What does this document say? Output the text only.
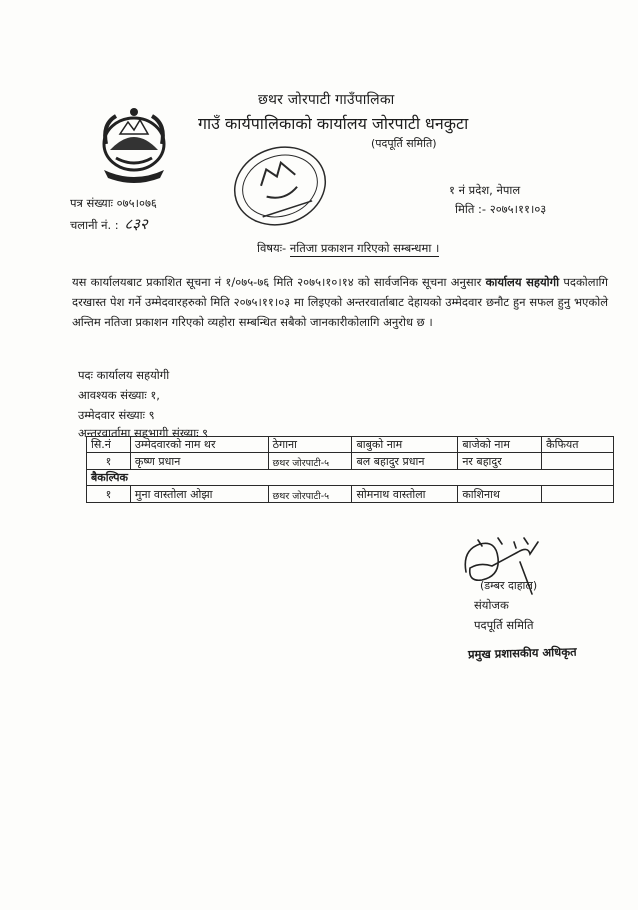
छथर जोरपाटी गाउँपालिका
गाउँ कार्यपालिकाको कार्यालय जोरपाटी धनकुटा
(पदपूर्ति समिति)
पत्र संख्याः ०७५।०७६
चलानी नं. : ८३२
१ नं प्रदेश, नेपाल
मिति :- २०७५।११।०३
विषयः- नतिजा प्रकाशन गरिएको सम्बन्धमा ।
यस कार्यालयबाट प्रकाशित सूचना नं १/०७५-७६ मिति २०७५।१०।१४ को सार्वजनिक सूचना अनुसार कार्यालय सहयोगी पदकोलागि दरखास्त पेश गर्ने उम्मेदवारहरुको मिति २०७५।११।०३ मा लिइएको अन्तरवार्ताबाट देहायको उम्मेदवार छनौट हुन सफल हुनु भएकोले अन्तिम नतिजा प्रकाशन गरिएको व्यहोरा सम्बन्धित सबैको जानकारीकोलागि अनुरोध छ ।
पदः कार्यालय सहयोगी
आवश्यक संख्याः १,
उम्मेदवार संख्याः ९
अन्तरवार्तामा सहभागी संख्याः ९
सि.नं	उम्मेदवारको नाम थर	ठेगाना	बाबुको नाम	बाजेको नाम	कैफियत
१	कृष्ण प्रधान	छथर जोरपाटी-५	बल बहादुर प्रधान	नर बहादुर	
बैकल्पिक					
१	मुना वास्तोला ओझा	छथर जोरपाटी-५	सोमनाथ वास्तोला	काशिनाथ	
(डम्बर दाहाल)
संयोजक
पदपूर्ति समिति
प्रमुख प्रशासकीय अधिकृत
